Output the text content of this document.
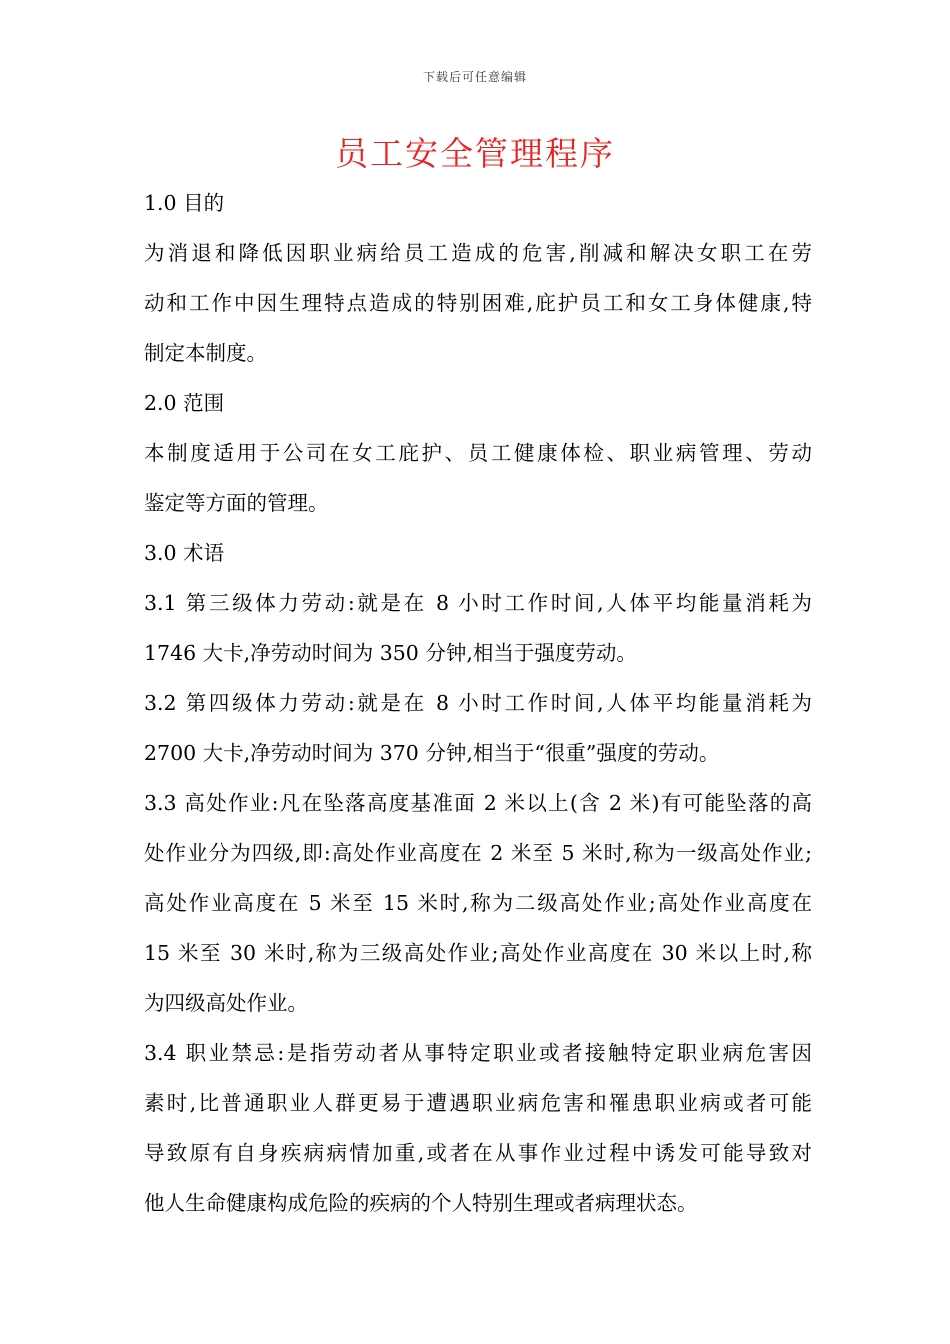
下载后可任意编辑
员工安全管理程序
1.0 目的
为消退和降低因职业病给员工造成的危害,削减和解决女职工在劳
动和工作中因生理特点造成的特别困难,庇护员工和女工身体健康,特
制定本制度。
2.0 范围
本制度适用于公司在女工庇护、员工健康体检、职业病管理、劳动
鉴定等方面的管理。
3.0 术语
3.1 第三级体力劳动:就是在 8 小时工作时间,人体平均能量消耗为
1746 大卡,净劳动时间为 350 分钟,相当于强度劳动。
3.2 第四级体力劳动:就是在 8 小时工作时间,人体平均能量消耗为
2700 大卡,净劳动时间为 370 分钟,相当于“很重”强度的劳动。
3.3 高处作业:凡在坠落高度基准面 2 米以上(含 2 米)有可能坠落的高
处作业分为四级,即:高处作业高度在 2 米至 5 米时,称为一级高处作业;
高处作业高度在 5 米至 15 米时,称为二级高处作业;高处作业高度在
15 米至 30 米时,称为三级高处作业;高处作业高度在 30 米以上时,称
为四级高处作业。
3.4 职业禁忌:是指劳动者从事特定职业或者接触特定职业病危害因
素时,比普通职业人群更易于遭遇职业病危害和罹患职业病或者可能
导致原有自身疾病病情加重,或者在从事作业过程中诱发可能导致对
他人生命健康构成危险的疾病的个人特别生理或者病理状态。
